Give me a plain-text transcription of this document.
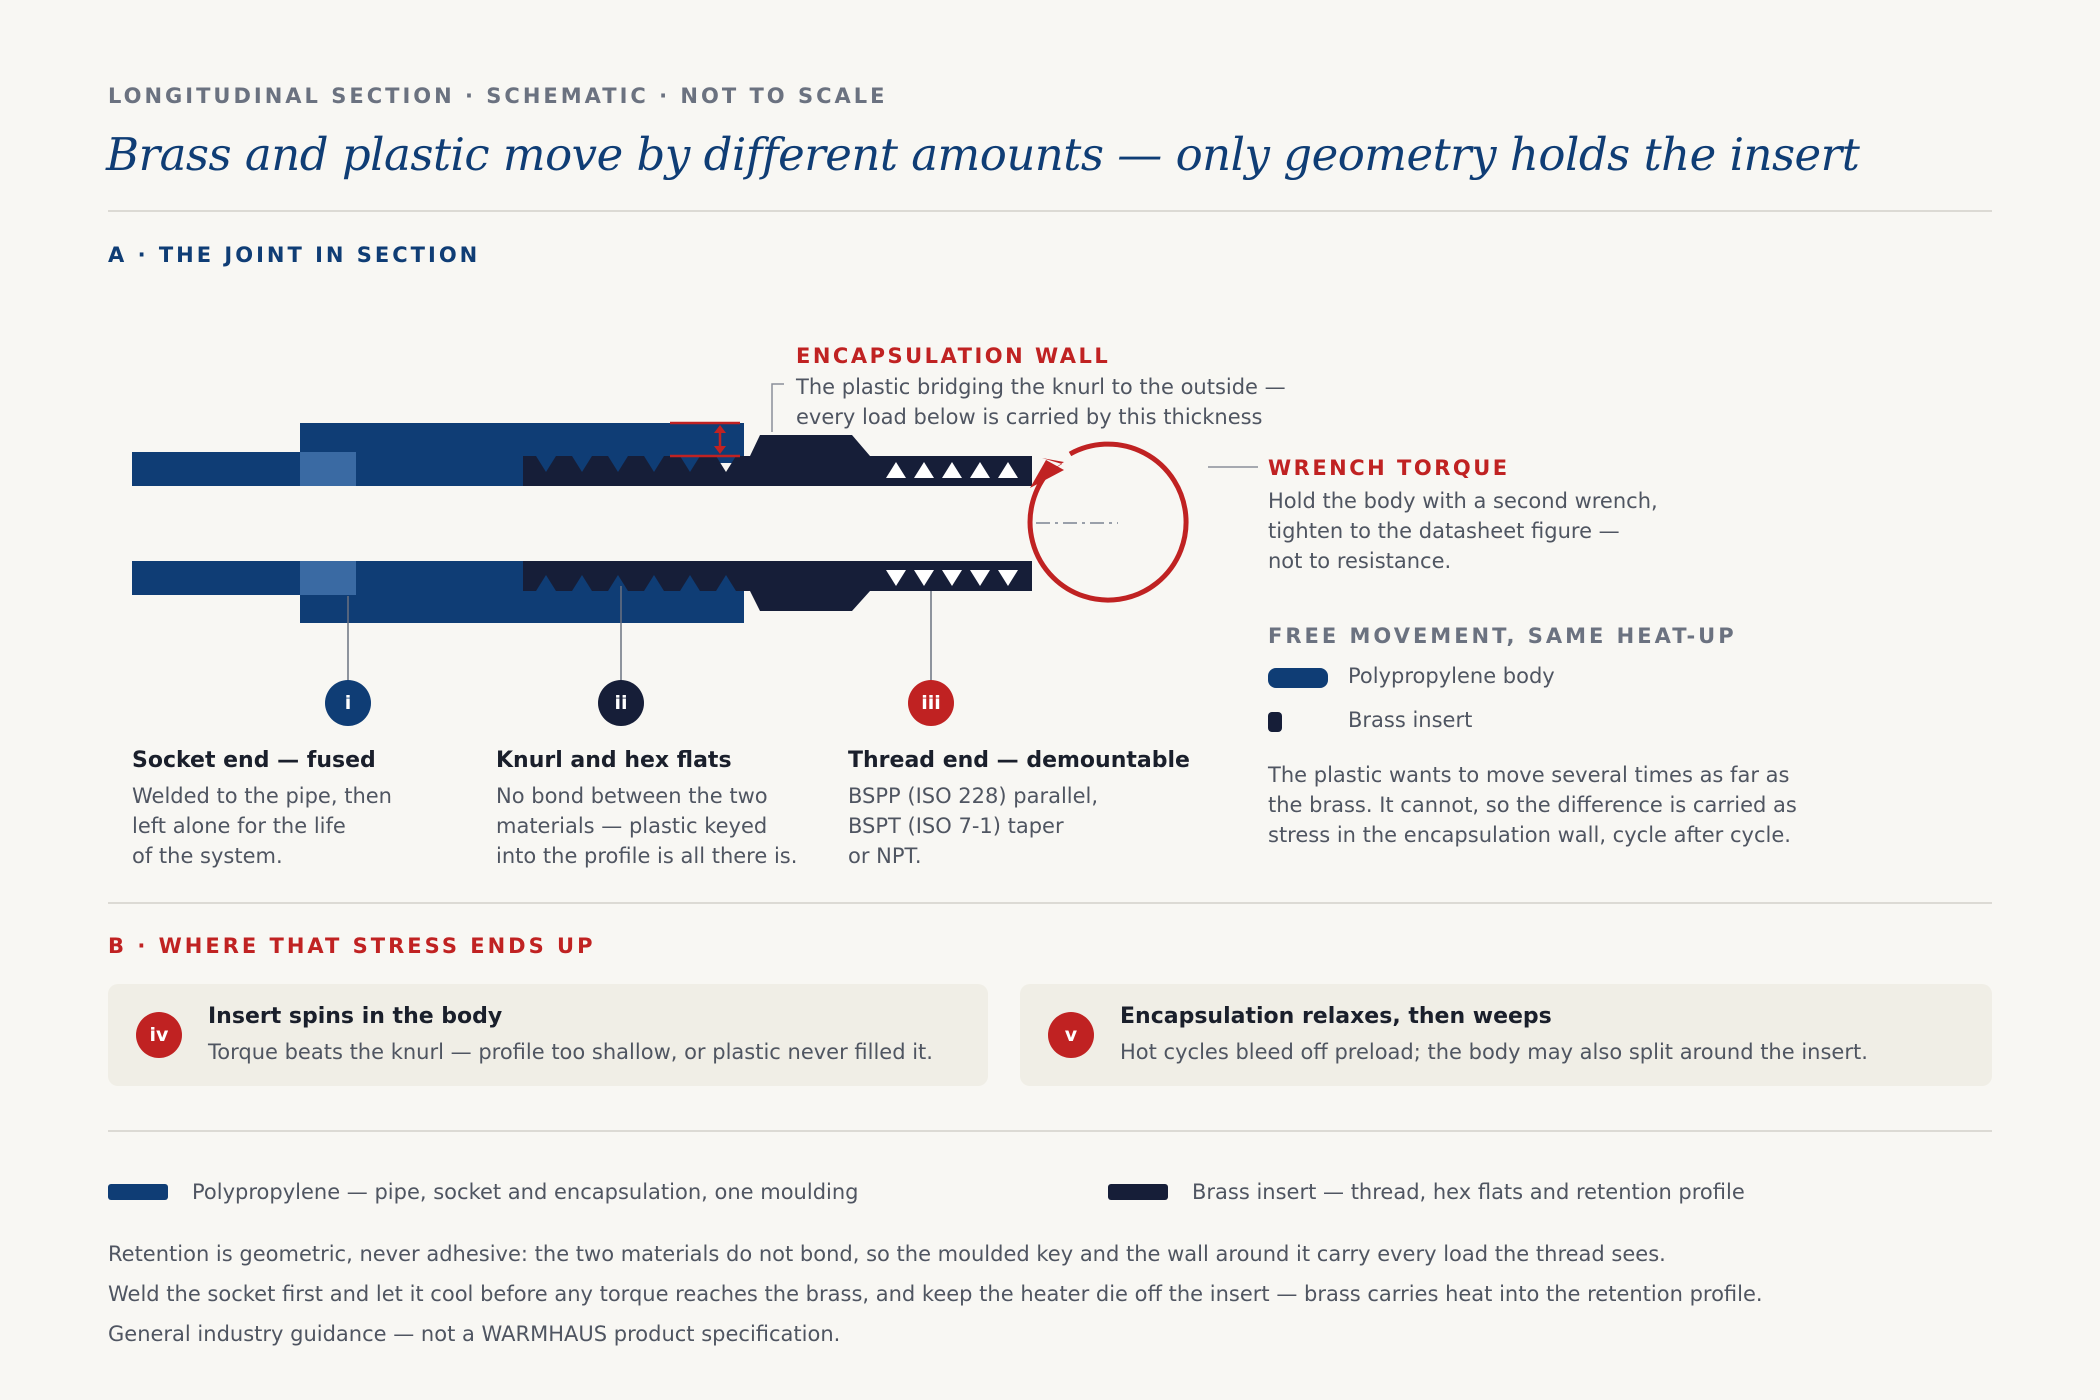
LONGITUDINAL SECTION · SCHEMATIC · NOT TO SCALE
Brass and plastic move by different amounts — only geometry holds the insert
A · THE JOINT IN SECTION
ENCAPSULATION WALL
The plastic bridging the knurl to the outside —
every load below is carried by this thickness
WRENCH TORQUE
Hold the body with a second wrench,
tighten to the datasheet figure —
not to resistance.
i	ii	iii
Socket end — fused
Welded to the pipe, then
left alone for the life
of the system.
Knurl and hex flats
No bond between the two
materials — plastic keyed
into the profile is all there is.
Thread end — demountable
BSPP (ISO 228) parallel,
BSPT (ISO 7-1) taper
or NPT.
FREE MOVEMENT, SAME HEAT-UP
Polypropylene body
Brass insert
The plastic wants to move several times as far as
the brass. It cannot, so the difference is carried as
stress in the encapsulation wall, cycle after cycle.
B · WHERE THAT STRESS ENDS UP
iv
Insert spins in the body
Torque beats the knurl — profile too shallow, or plastic never filled it.
v
Encapsulation relaxes, then weeps
Hot cycles bleed off preload; the body may also split around the insert.
Polypropylene — pipe, socket and encapsulation, one moulding	Brass insert — thread, hex flats and retention profile
Retention is geometric, never adhesive: the two materials do not bond, so the moulded key and the wall around it carry every load the thread sees.
Weld the socket first and let it cool before any torque reaches the brass, and keep the heater die off the insert — brass carries heat into the retention profile.
General industry guidance — not a WARMHAUS product specification.
